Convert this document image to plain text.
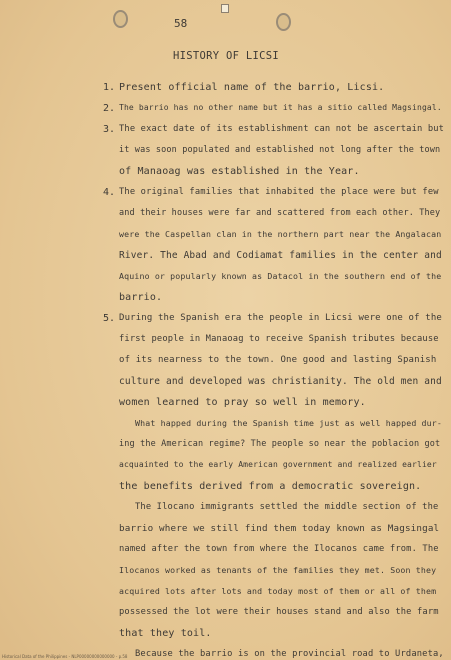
58
HISTORY OF LICSI
1. Present official name of the barrio, Licsi.
2. The barrio has no other name but it has a sitio called Magsingal.
3. The exact date of its establishment can not be ascertain but
it was soon populated and established not long after the town
of Manaoag was established in the Year.
4. The original families that inhabited the place were but few
and their houses were far and scattered from each other. They
were the Caspellan clan in the northern part near the Angalacan
River. The Abad and Codiamat families in the center and
Aquino or popularly known as Datacol in the southern end of the
barrio.
5. During the Spanish era the people in Licsi were one of the
first people in Manaoag to receive Spanish tributes because
of its nearness to the town. One good and lasting Spanish
culture and developed was christianity. The old men and
women learned to pray so well in memory.
What happed during the Spanish time just as well happed dur-
ing the American regime? The people so near the poblacion got
acquainted to the early American government and realized earlier
the benefits derived from a democratic sovereign.
The Ilocano immigrants settled the middle section of the
barrio where we still find them today known as Magsingal
named after the town from where the Ilocanos came from. The
Ilocanos worked as tenants of the families they met. Soon they
acquired lots after lots and today most of them or all of them
possessed the lot were their houses stand and also the farm
that they toil.
Because the barrio is on the provincial road to Urdaneta,
Historical Data of the Philippines - NLP00000000000000 - p.58
